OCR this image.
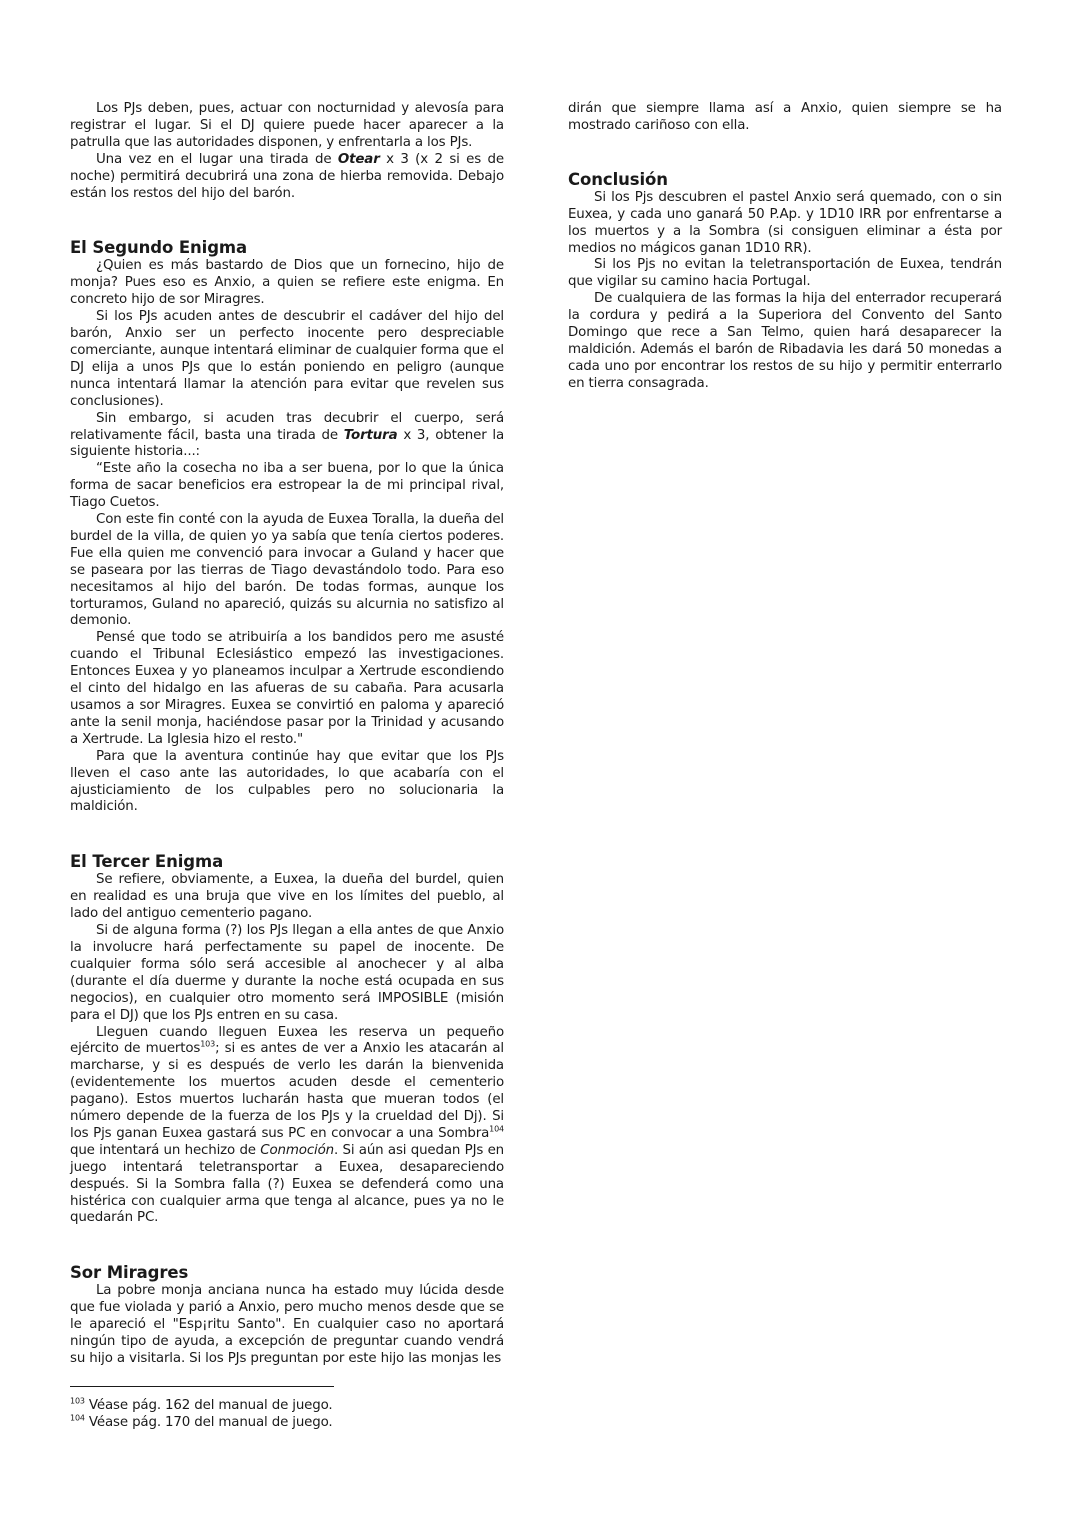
Los PJs deben, pues, actuar con nocturnidad y alevosía para registrar el lugar. Si el DJ quiere puede hacer aparecer a la patrulla que las autoridades disponen, y enfrentarla a los PJs.

Una vez en el lugar una tirada de Otear x 3 (x 2 si es de noche) permitirá decubrirá una zona de hierba removida. Debajo están los restos del hijo del barón.

El Segundo Enigma

¿Quien es más bastardo de Dios que un fornecino, hijo de monja? Pues eso es Anxio, a quien se refiere este enigma. En concreto hijo de sor Miragres.

Si los PJs acuden antes de descubrir el cadáver del hijo del barón, Anxio ser un perfecto inocente pero despreciable comerciante, aunque intentará eliminar de cualquier forma que el DJ elija a unos PJs que lo están poniendo en peligro (aunque nunca intentará llamar la atención para evitar que revelen sus conclusiones).

Sin embargo, si acuden tras decubrir el cuerpo, será relativamente fácil, basta una tirada de Tortura x 3, obtener la siguiente historia...:

“Este año la cosecha no iba a ser buena, por lo que la única forma de sacar beneficios era estropear la de mi principal rival, Tiago Cuetos.

Con este fin conté con la ayuda de Euxea Toralla, la dueña del burdel de la villa, de quien yo ya sabía que tenía ciertos poderes. Fue ella quien me convenció para invocar a Guland y hacer que se paseara por las tierras de Tiago devastándolo todo. Para eso necesitamos al hijo del barón. De todas formas, aunque los torturamos, Guland no apareció, quizás su alcurnia no satisfizo al demonio.

Pensé que todo se atribuiría a los bandidos pero me asusté cuando el Tribunal Eclesiástico empezó las investigaciones. Entonces Euxea y yo planeamos inculpar a Xertrude escondiendo el cinto del hidalgo en las afueras de su cabaña. Para acusarla usamos a sor Miragres. Euxea se convirtió en paloma y apareció ante la senil monja, haciéndose pasar por la Trinidad y acusando a Xertrude. La Iglesia hizo el resto."

Para que la aventura continúe hay que evitar que los PJs lleven el caso ante las autoridades, lo que acabaría con el ajusticiamiento de los culpables pero no solucionaria la maldición.

El Tercer Enigma

Se refiere, obviamente, a Euxea, la dueña del burdel, quien en realidad es una bruja que vive en los límites del pueblo, al lado del antiguo cementerio pagano.

Si de alguna forma (?) los PJs llegan a ella antes de que Anxio la involucre hará perfectamente su papel de inocente. De cualquier forma sólo será accesible al anochecer y al alba (durante el día duerme y durante la noche está ocupada en sus negocios), en cualquier otro momento será IMPOSIBLE (misión para el DJ) que los PJs entren en su casa.

Lleguen cuando lleguen Euxea les reserva un pequeño ejército de muertos$^{103}$; si es antes de ver a Anxio les atacarán al marcharse, y si es después de verlo les darán la bienvenida (evidentemente los muertos acuden desde el cementerio pagano). Estos muertos lucharán hasta que mueran todos (el número depende de la fuerza de los PJs y la crueldad del Dj). Si los Pjs ganan Euxea gastará sus PC en convocar a una Sombra$^{104}$ que intentará un hechizo de Conmoción. Si aún asi quedan PJs en juego intentará teletransportar a Euxea, desapareciendo después. Si la Sombra falla (?) Euxea se defenderá como una histérica con cualquier arma que tenga al alcance, pues ya no le quedarán PC.

Sor Miragres

La pobre monja anciana nunca ha estado muy lúcida desde que fue violada y parió a Anxio, pero mucho menos desde que se le apareció el "Esp¡ritu Santo". En cualquier caso no aportará ningún tipo de ayuda, a excepción de preguntar cuando vendrá su hijo a visitarla. Si los PJs preguntan por este hijo las monjas les

dirán que siempre llama así a Anxio, quien siempre se ha mostrado cariñoso con ella.

Conclusión

Si los Pjs descubren el pastel Anxio será quemado, con o sin Euxea, y cada uno ganará 50 P.Ap. y 1D10 IRR por enfrentarse a los muertos y a la Sombra (si consiguen eliminar a ésta por medios no mágicos ganan 1D10 RR).

Si los Pjs no evitan la teletransportación de Euxea, tendrán que vigilar su camino hacia Portugal.

De cualquiera de las formas la hija del enterrador recuperará la cordura y pedirá a la Superiora del Convento del Santo Domingo que rece a San Telmo, quien hará desaparecer la maldición. Además el barón de Ribadavia les dará 50 monedas a cada uno por encontrar los restos de su hijo y permitir enterrarlo en tierra consagrada.

$^{103}$ Véase pág. 162 del manual de juego.
$^{104}$ Véase pág. 170 del manual de juego.
